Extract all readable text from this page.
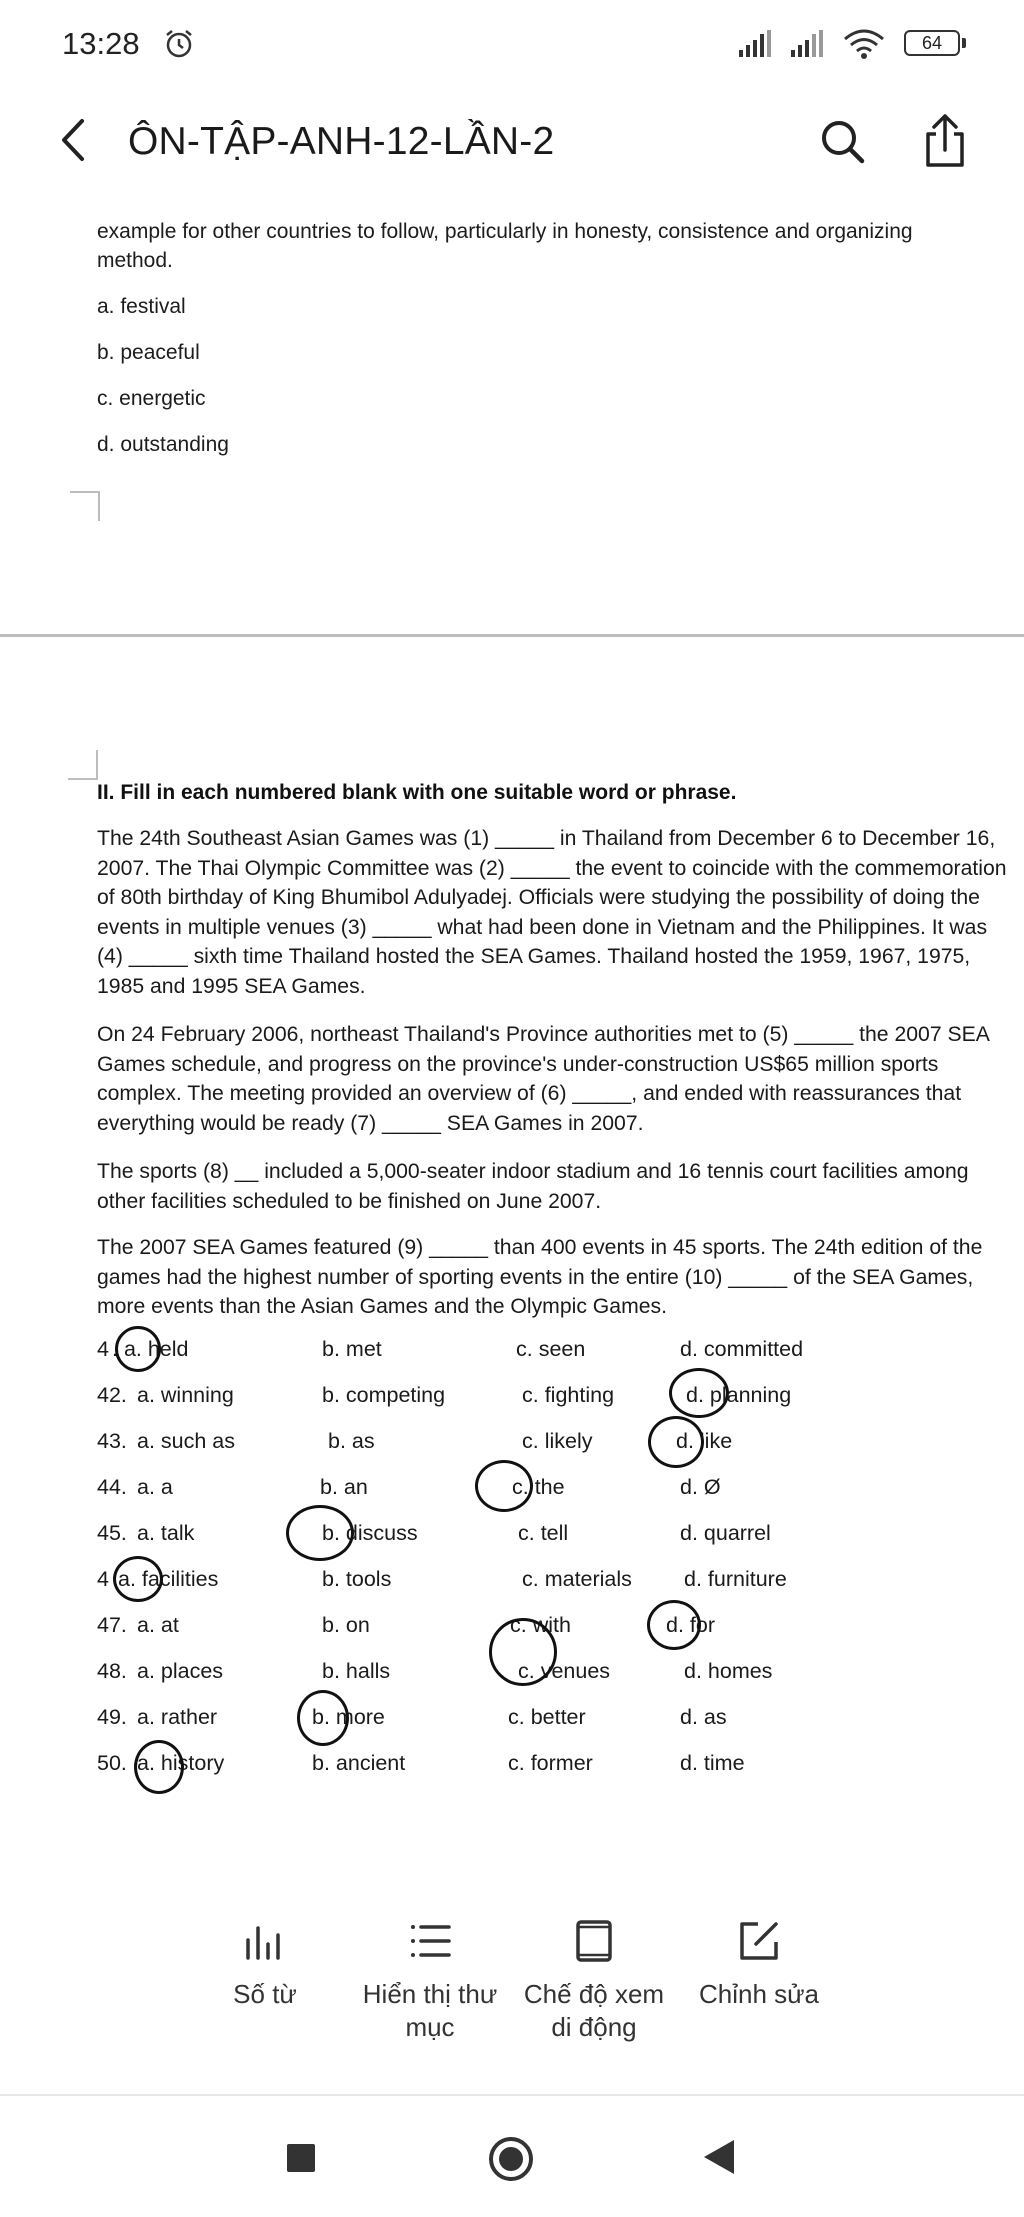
13:28	64
ÔN-TẬP-ANH-12-LẦN-2
example for other countries to follow, particularly in honesty, consistence and organizing method.
a. festival
b. peaceful
c. energetic
d. outstanding
II. Fill in each numbered blank with one suitable word or phrase.
The 24th Southeast Asian Games was (1) _____ in Thailand from December 6 to December 16, 2007. The Thai Olympic Committee was (2) _____ the event to coincide with the commemoration of 80th birthday of King Bhumibol Adulyadej. Officials were studying the possibility of doing the events in multiple venues (3) _____ what had been done in Vietnam and the Philippines. It was (4) _____ sixth time Thailand hosted the SEA Games. Thailand hosted the 1959, 1967, 1975, 1985 and 1995 SEA Games.
On 24 February 2006, northeast Thailand's Province authorities met to (5) _____ the 2007 SEA Games schedule, and progress on the province's under-construction US$65 million sports complex. The meeting provided an overview of (6) _____, and ended with reassurances that everything would be ready (7) _____ SEA Games in 2007.
The sports (8) __ included a 5,000-seater indoor stadium and 16 tennis court facilities among other facilities scheduled to be finished on June 2007.
The 2007 SEA Games featured (9) _____ than 400 events in 45 sports. The 24th edition of the games had the highest number of sporting events in the entire (10) _____ of the SEA Games, more events than the Asian Games and the Olympic Games.
4 . a. held	b. met	c. seen	d. committed
42. a. winning	b. competing	c. fighting	d. planning
43. a. such as	b. as	c. likely	d. like
44. a. a	b. an	c. the	d. Ø
45. a. talk	b. discuss	c. tell	d. quarrel
4 a. facilities	b. tools	c. materials d. furniture
47. a. at	b. on	c. with	d. for
48. a. places	b. halls	c. venues	d. homes
49. a. rather	b. more	c. better	d. as
50. a. history	b. ancient	c. former	d. time
Số từ	Hiển thị thư mục
Chế độ xem di động
Chỉnh sửa
